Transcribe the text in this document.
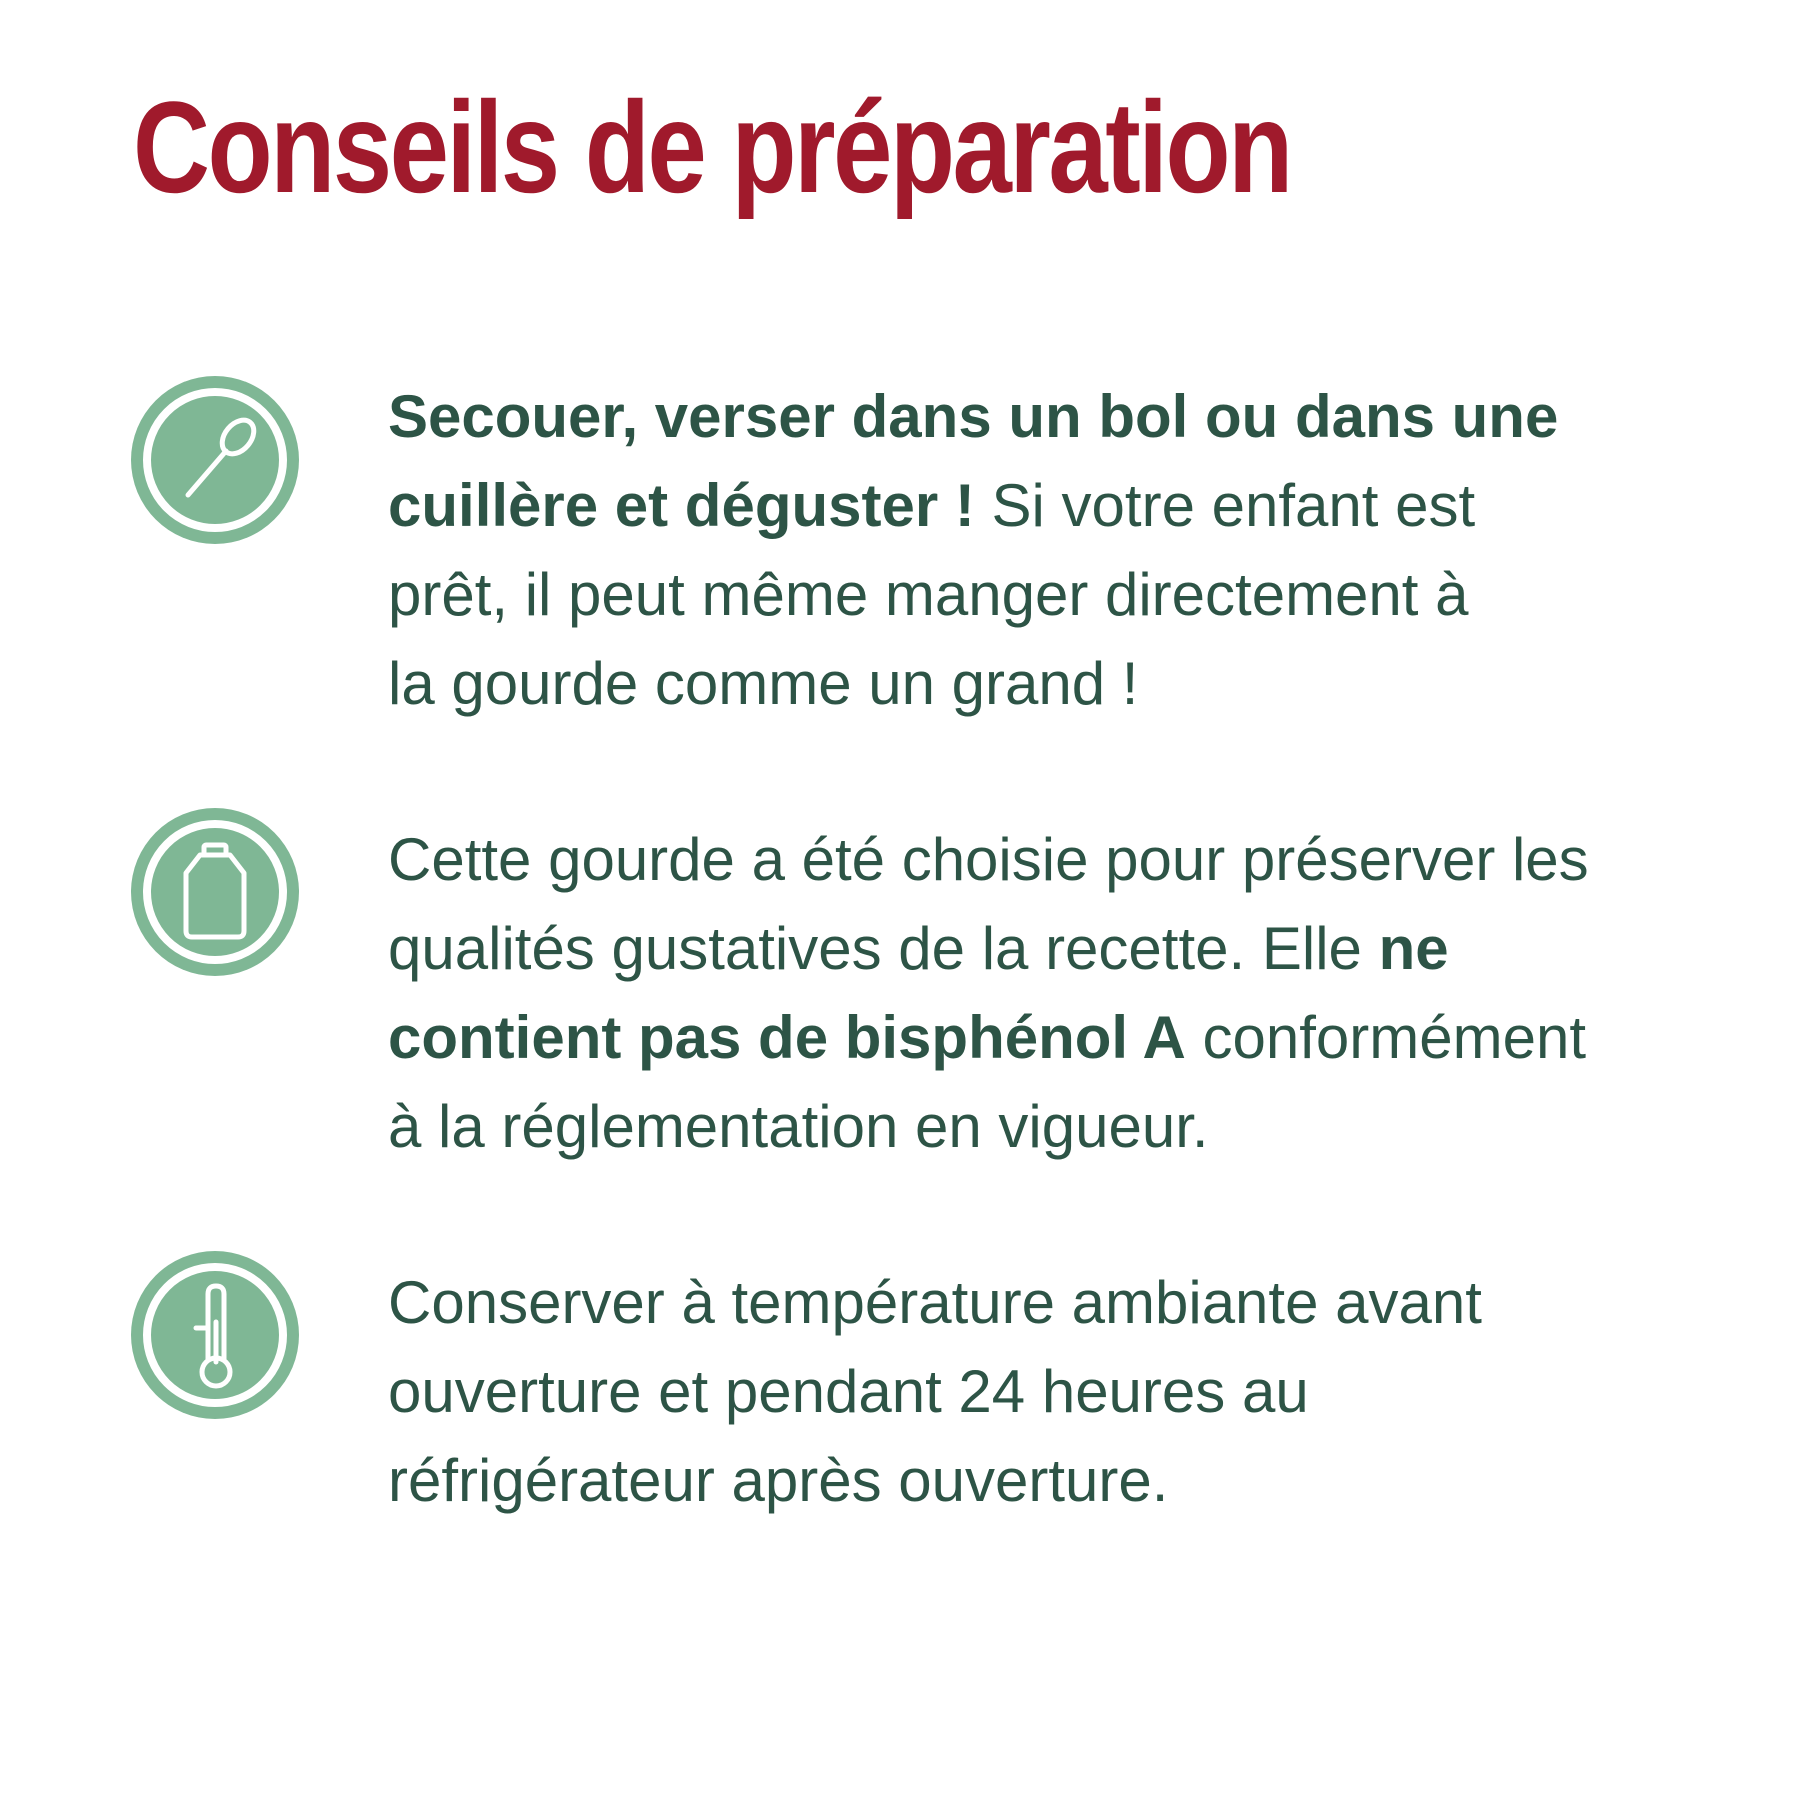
Conseils de préparation

Secouer, verser dans un bol ou dans une
cuillère et déguster ! Si votre enfant est
prêt, il peut même manger directement à
la gourde comme un grand !

Cette gourde a été choisie pour préserver les
qualités gustatives de la recette. Elle ne
contient pas de bisphénol A conformément
à la réglementation en vigueur.

Conserver à température ambiante avant
ouverture et pendant 24 heures au
réfrigérateur après ouverture.
